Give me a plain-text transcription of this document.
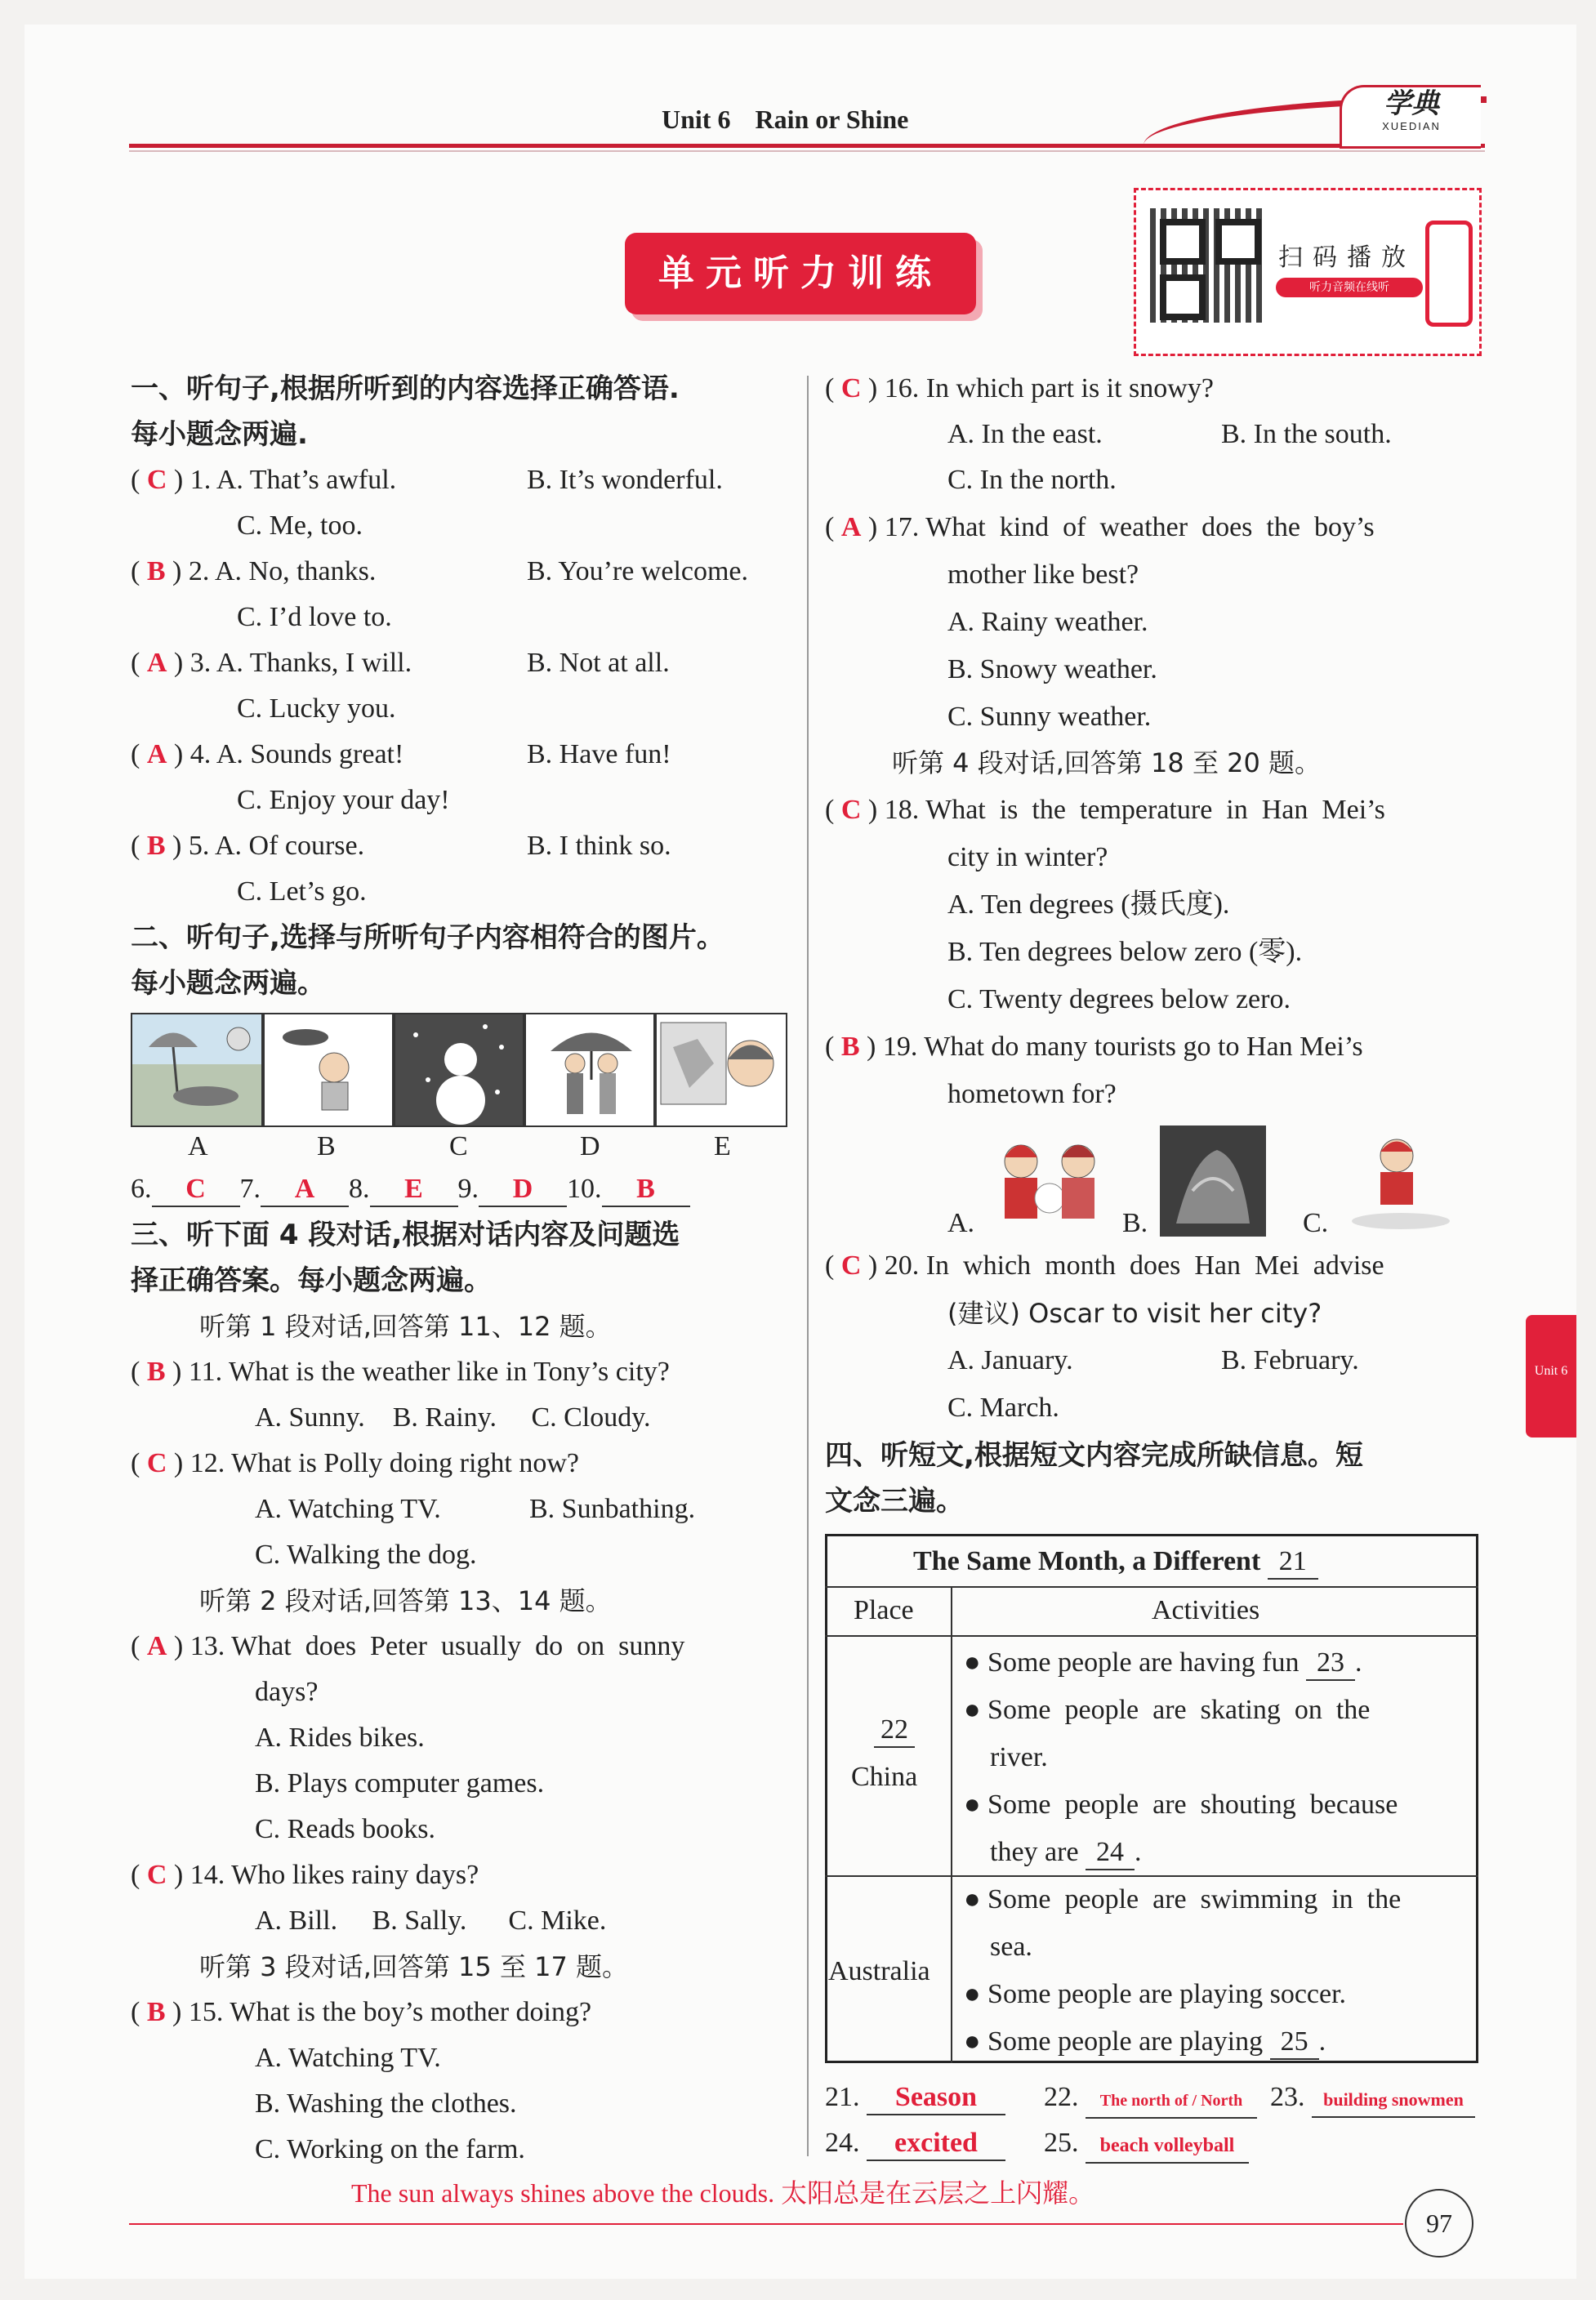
Unit 6 Rain or Shine	学典
XUEDIAN
单元听力训练	扫码播放
听力音频在线听
一、听句子,根据所听到的内容选择正确答语.
每小题念两遍.
( C ) 1. A. That’s awful.	B. It’s wonderful.
C. Me, too.
( B ) 2. A. No, thanks.	B. You’re welcome.
C. I’d love to.
( A ) 3. A. Thanks, I will.	B. Not at all.
C. Lucky you.
( A ) 4. A. Sounds great!	B. Have fun!
C. Enjoy your day!
( B ) 5. A. Of course.	B. I think so.
C. Let’s go.
二、听句子,选择与所听句子内容相符合的图片。
每小题念两遍。
A	B	C	D	E
6. C 7. A 8. E 9. D 10. B
三、听下面 4 段对话,根据对话内容及问题选
择正确答案。每小题念两遍。
听第 1 段对话,回答第 11、12 题。
( B ) 11. What is the weather like in Tony’s city?
A. Sunny.    B. Rainy.     C. Cloudy.
( C ) 12. What is Polly doing right now?
A. Watching TV.	B. Sunbathing.
C. Walking the dog.
听第 2 段对话,回答第 13、14 题。
( A ) 13. What  does  Peter  usually  do  on  sunny
days?
A. Rides bikes.
B. Plays computer games.
C. Reads books.
( C ) 14. Who likes rainy days?
A. Bill.     B. Sally.      C. Mike.
听第 3 段对话,回答第 15 至 17 题。
( B ) 15. What is the boy’s mother doing?
A. Watching TV.
B. Washing the clothes.
C. Working on the farm.
( C ) 16. In which part is it snowy?
A. In the east.	B. In the south.
C. In the north.
( A ) 17. What  kind  of  weather  does  the  boy’s
mother like best?
A. Rainy weather.
B. Snowy weather.
C. Sunny weather.
听第 4 段对话,回答第 18 至 20 题。
( C ) 18. What  is  the  temperature  in  Han  Mei’s
city in winter?
A. Ten degrees (摄氏度).
B. Ten degrees below zero (零).
C. Twenty degrees below zero.
( B ) 19. What do many tourists go to Han Mei’s
hometown for?
A.	B.	C.
( C ) 20. In  which  month  does  Han  Mei  advise
(建议) Oscar to visit her city?
A. January.	B. February.
C. March.
四、听短文,根据短文内容完成所缺信息。短
文念三遍。
The Same Month, a Different 21
Place	Activities
22
China
● Some people are having fun 23 .
● Some  people  are  skating  on  the
river.
● Some  people  are  shouting  because
they are 24 .
Australia
● Some  people  are  swimming  in  the
sea.
● Some people are playing soccer.
● Some people are playing 25 .
21. Season	22. The north of / North 23. building snowmen
24. excited	25. beach volleyball
Unit 6
The sun always shines above the clouds. 太阳总是在云层之上闪耀。
97
